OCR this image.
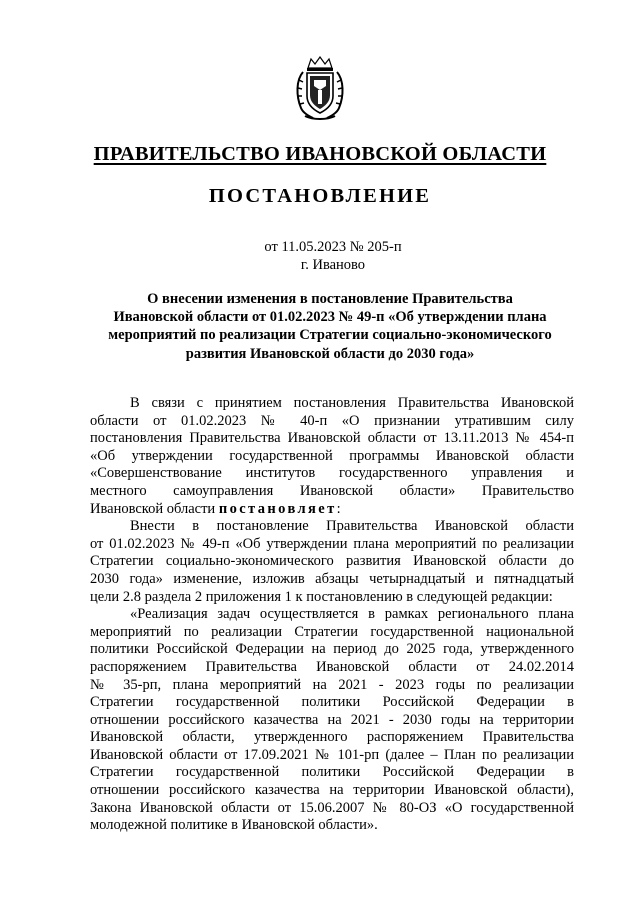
ПРАВИТЕЛЬСТВО ИВАНОВСКОЙ ОБЛАСТИ
ПОСТАНОВЛЕНИЕ
от 11.05.2023 № 205-п
г. Иваново
О внесении изменения в постановление Правительства
Ивановской области от 01.02.2023 № 49-п «Об утверждении плана
мероприятий по реализации Стратегии социально-экономического
развития Ивановской области до 2030 года»
В связи с принятием постановления Правительства Ивановской
области от 01.02.2023 № 40-п «О признании утратившим силу
постановления Правительства Ивановской области от 13.11.2013 № 454-п
«Об утверждении государственной программы Ивановской области
«Совершенствование институтов государственного управления и
местного самоуправления Ивановской области» Правительство
Ивановской области постановляет:
Внести в постановление Правительства Ивановской области
от 01.02.2023 № 49-п «Об утверждении плана мероприятий по реализации
Стратегии социально-экономического развития Ивановской области до
2030 года» изменение, изложив абзацы четырнадцатый и пятнадцатый
цели 2.8 раздела 2 приложения 1 к постановлению в следующей редакции:
«Реализация задач осуществляется в рамках регионального плана
мероприятий по реализации Стратегии государственной национальной
политики Российской Федерации на период до 2025 года, утвержденного
распоряжением Правительства Ивановской области от 24.02.2014
№ 35-рп, плана мероприятий на 2021 - 2023 годы по реализации
Стратегии государственной политики Российской Федерации в
отношении российского казачества на 2021 - 2030 годы на территории
Ивановской области, утвержденного распоряжением Правительства
Ивановской области от 17.09.2021 № 101-рп (далее – План по реализации
Стратегии государственной политики Российской Федерации в
отношении российского казачества на территории Ивановской области),
Закона Ивановской области от 15.06.2007 № 80-ОЗ «О государственной
молодежной политике в Ивановской области».
